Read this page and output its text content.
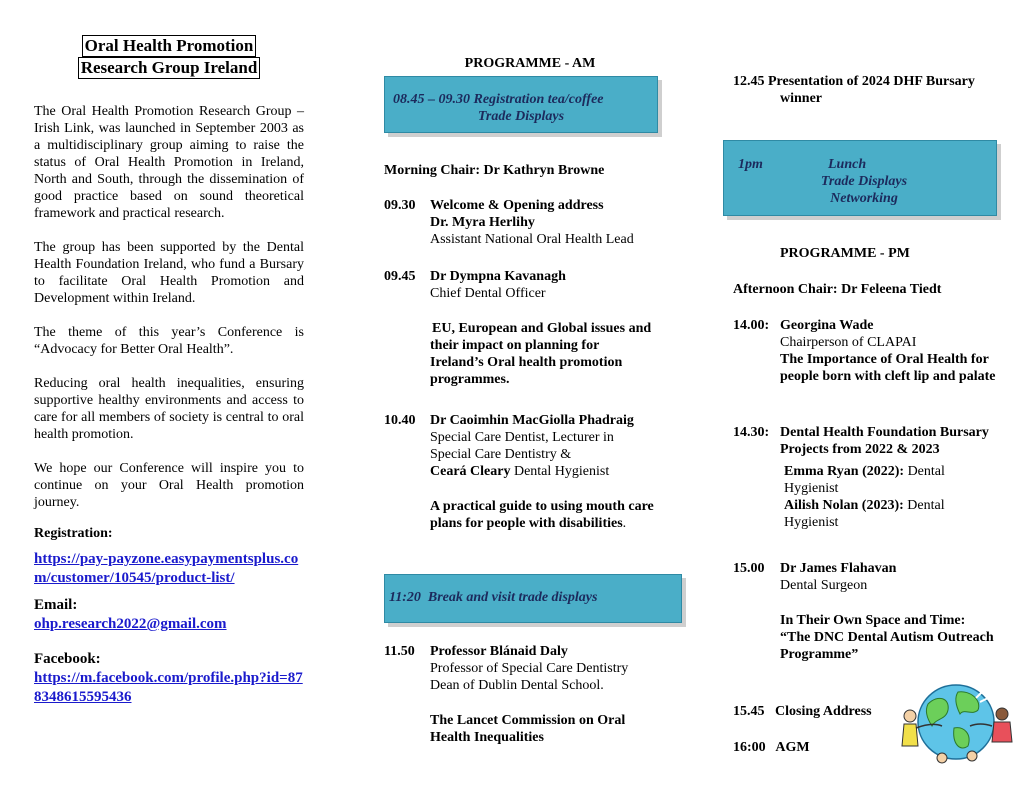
Oral Health Promotion
Research Group Ireland

The Oral Health Promotion Research Group – Irish Link, was launched in September 2003 as a multidisciplinary group aiming to raise the status of Oral Health Promotion in Ireland, North and South, through the dissemination of good practice based on sound theoretical framework and practical research.

The group has been supported by the Dental Health Foundation Ireland, who fund a Bursary to facilitate Oral Health Promotion and Development within Ireland.

The theme of this year’s Conference is “Advocacy for Better Oral Health”.

Reducing oral health inequalities, ensuring supportive healthy environments and access to care for all members of society is central to oral health promotion.

We hope our Conference will inspire you to continue on your Oral Health promotion journey.

Registration:
https://pay-payzone.easypaymentsplus.com/customer/10545/product-list/
Email:
ohp.research2022@gmail.com
Facebook:
https://m.facebook.com/profile.php?id=878348615595436
PROGRAMME - AM
08.45 – 09.30 Registration tea/coffee
Trade Displays
Morning Chair: Dr Kathryn Browne
09.30 Welcome & Opening address
Dr. Myra Herlihy
Assistant National Oral Health Lead
09.45 Dr Dympna Kavanagh
Chief Dental Officer
EU, European and Global issues and their impact on planning for Ireland’s Oral health promotion programmes.
10.40 Dr Caoimhin MacGiolla Phadraig
Special Care Dentist, Lecturer in
Special Care Dentistry &
Ceará Cleary Dental Hygienist
A practical guide to using mouth care plans for people with disabilities.
11:20 Break and visit trade displays
11.50 Professor Blánaid Daly
Professor of Special Care Dentistry
Dean of Dublin Dental School.
The Lancet Commission on Oral
Health Inequalities
12.45 Presentation of 2024 DHF Bursary
winner
1pm	Lunch
Trade Displays
Networking
PROGRAMME - PM
Afternoon Chair: Dr Feleena Tiedt
14.00: Georgina Wade
Chairperson of CLAPAI
The Importance of Oral Health for people born with cleft lip and palate
14.30: Dental Health Foundation Bursary Projects from 2022 & 2023
Emma Ryan (2022): Dental Hygienist
Ailish Nolan (2023): Dental Hygienist
15.00 Dr James Flahavan
Dental Surgeon
In Their Own Space and Time: “The DNC Dental Autism Outreach Programme”
15.45 Closing Address
16:00 AGM
